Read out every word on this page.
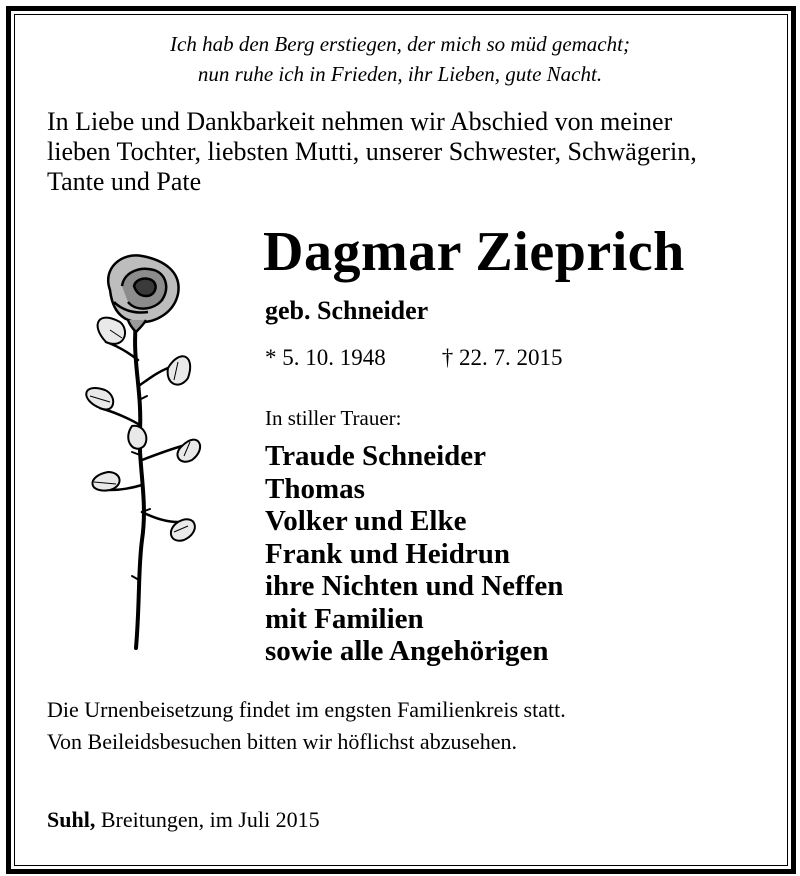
Ich hab den Berg erstiegen, der mich so müd gemacht;
nun ruhe ich in Frieden, ihr Lieben, gute Nacht.
In Liebe und Dankbarkeit nehmen wir Abschied von meiner
lieben Tochter, liebsten Mutti, unserer Schwester, Schwägerin,
Tante und Pate
Dagmar Zieprich
geb. Schneider
* 5. 10. 1948 † 22. 7. 2015
In stiller Trauer:
Traude Schneider
Thomas
Volker und Elke
Frank und Heidrun
ihre Nichten und Neffen
mit Familien
sowie alle Angehörigen
Die Urnenbeisetzung findet im engsten Familienkreis statt.
Von Beileidsbesuchen bitten wir höflichst abzusehen.
Suhl, Breitungen, im Juli 2015
